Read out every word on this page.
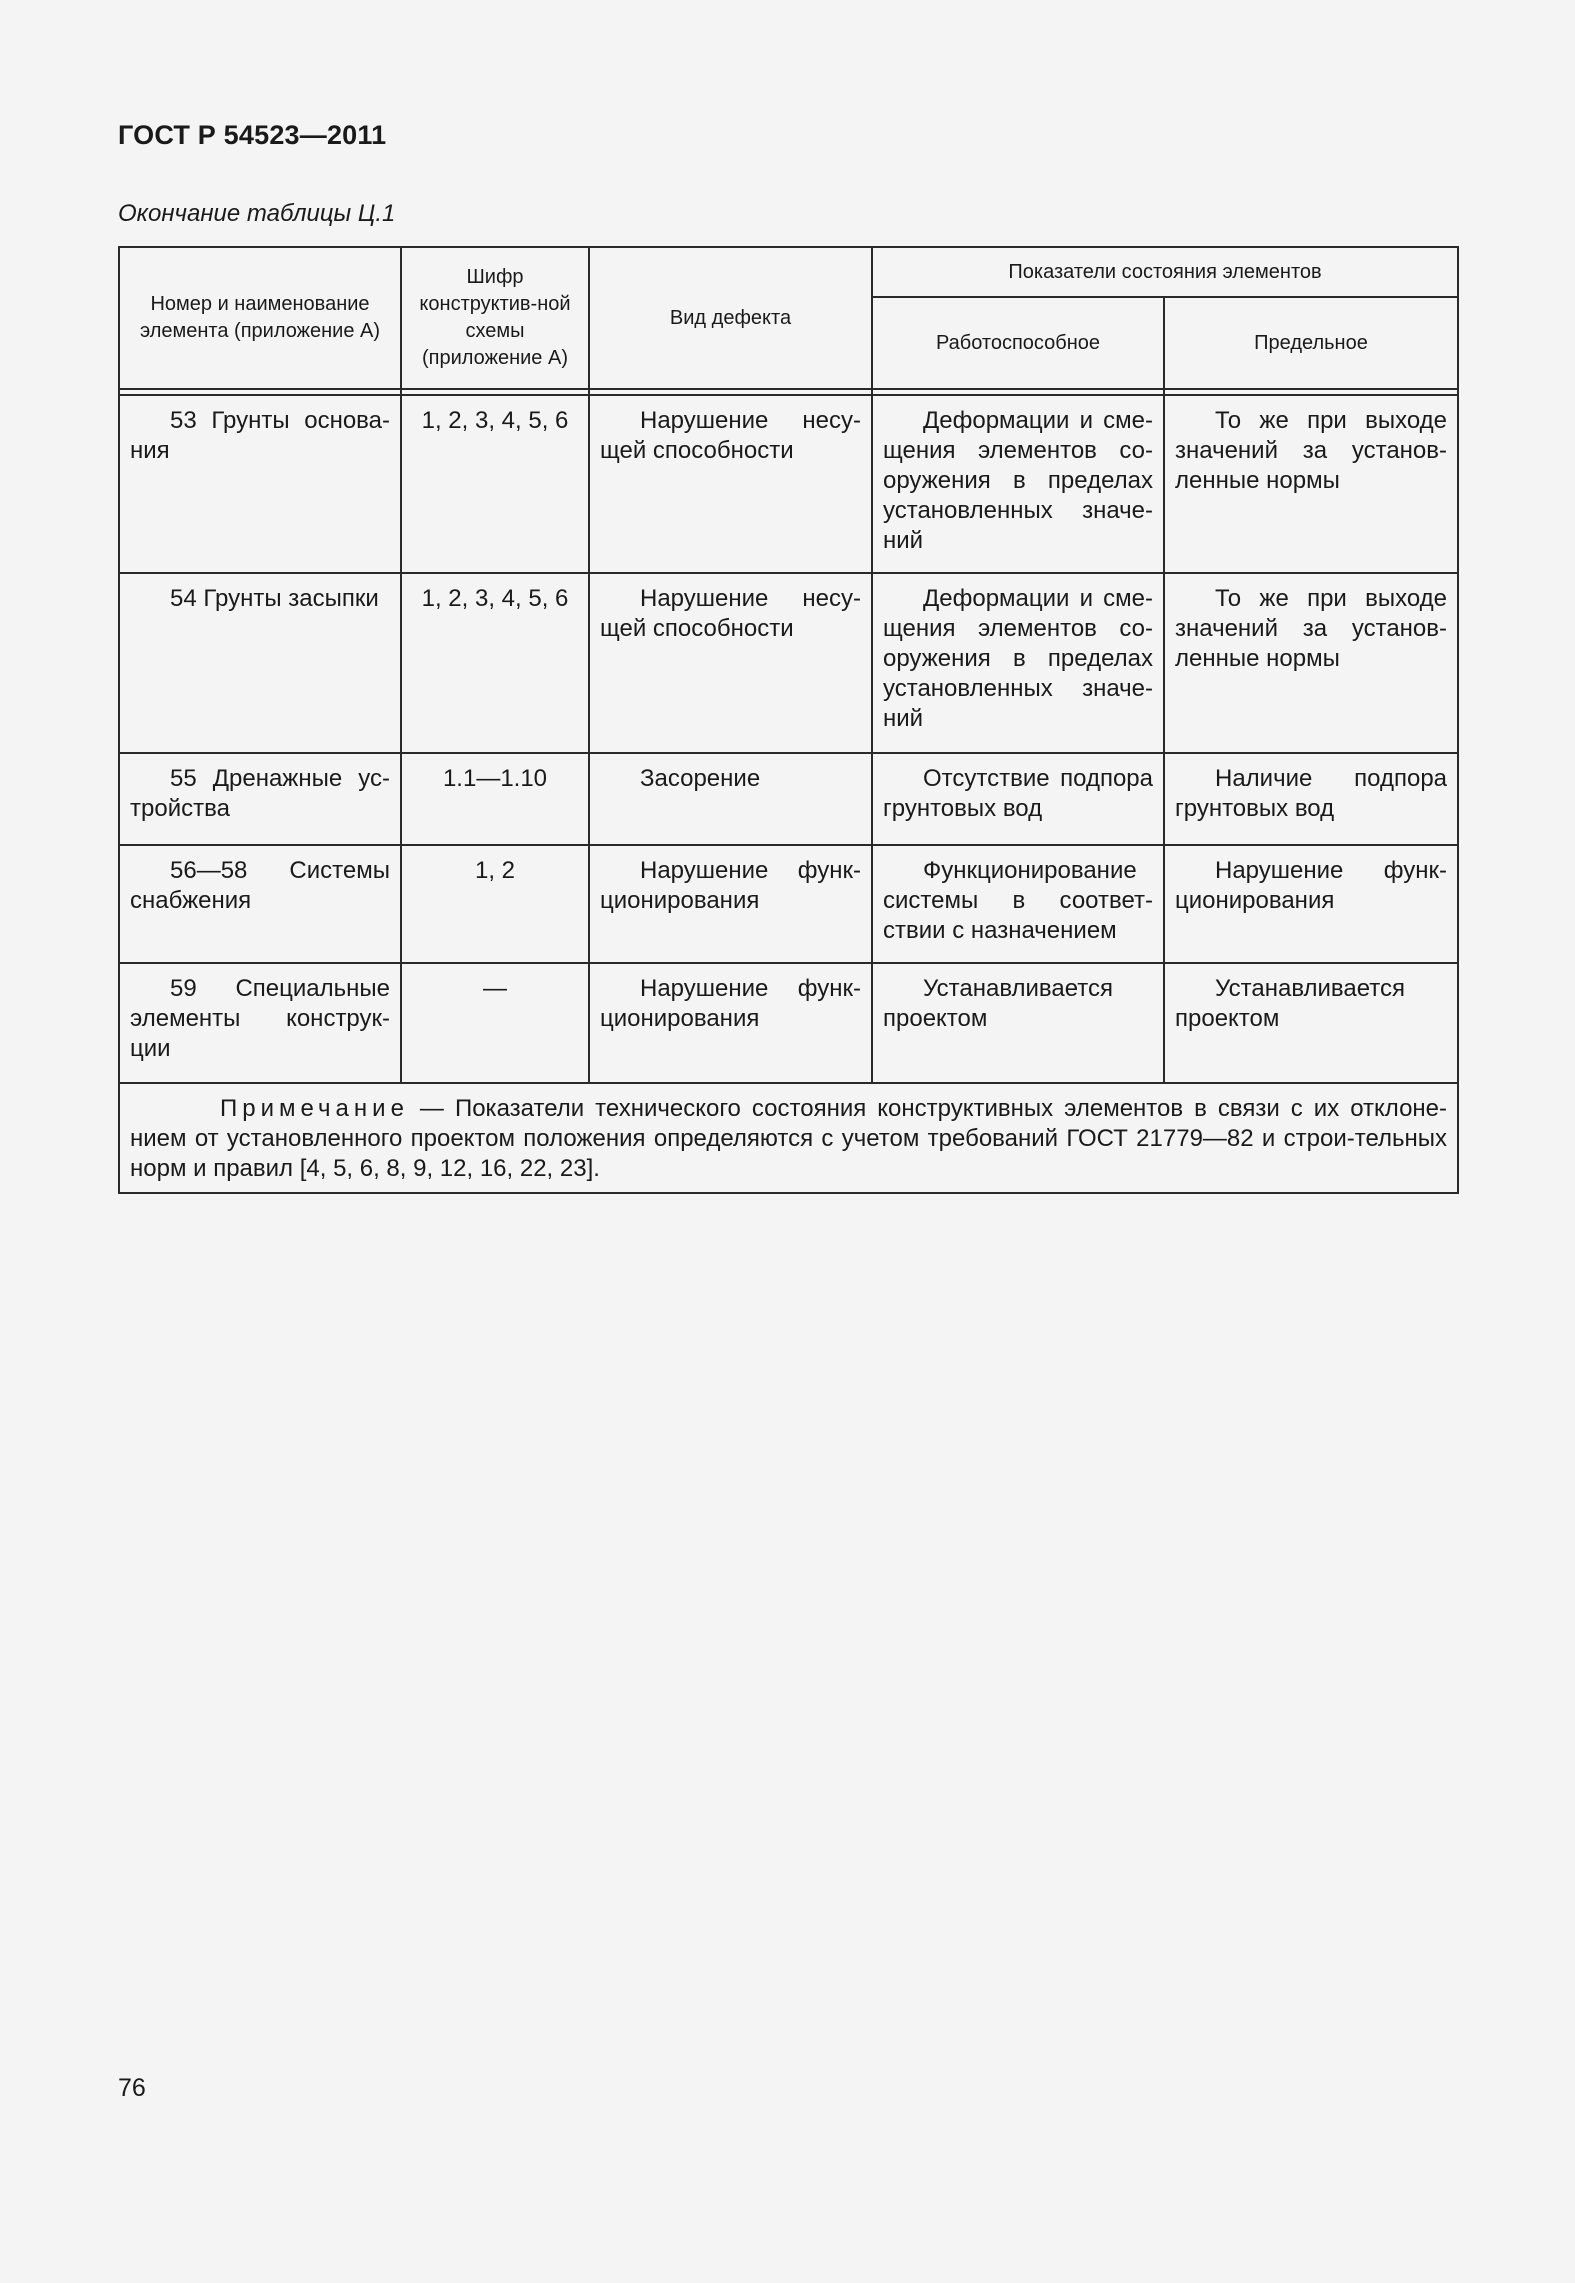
ГОСТ Р 54523—2011
Окончание таблицы Ц.1
Номер и наименование элемента (приложение А)	Шифр конструктив-ной схемы (приложение А)	Вид дефекта	Показатели состояния элементов	
			Работоспособное	Предельное

53 Грунты основа-ния	1, 2, 3, 4, 5, 6	Нарушение несу-щей способности	Деформации и сме-щения элементов со-оружения в пределах установленных значе-ний	То же при выходе значений за установ-ленные нормы
54 Грунты засыпки	1, 2, 3, 4, 5, 6	Нарушение несу-щей способности	Деформации и сме-щения элементов со-оружения в пределах установленных значе-ний	То же при выходе значений за установ-ленные нормы
55 Дренажные ус-тройства	1.1—1.10	Засорение	Отсутствие подпора грунтовых вод	Наличие подпора грунтовых вод
56—58 Системы снабжения	1, 2	Нарушение функ-ционирования	Функционирование системы в соответ-ствии с назначением	Нарушение функ-ционирования
59 Специальные элементы конструк-ции	—	Нарушение функ-ционирования	Устанавливается проектом	Устанавливается проектом
Примечание — Показатели технического состояния конструктивных элементов в связи с их отклоне-нием от установленного проектом положения определяются с учетом требований ГОСТ 21779—82 и строи-тельных норм и правил [4, 5, 6, 8, 9, 12, 16, 22, 23].				
76
